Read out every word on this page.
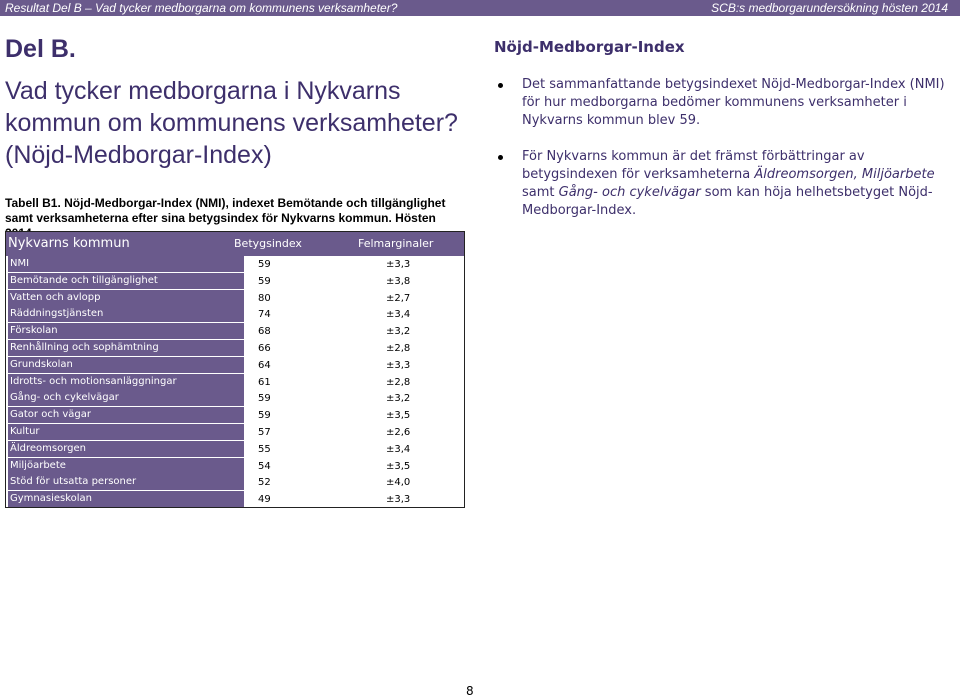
Resultat Del B – Vad tycker medborgarna om kommunens verksamheter?	SCB:s medborgarundersökning hösten 2014
Del B.
Vad tycker medborgarna i Nykvarns kommun om kommunens verksamheter? (Nöjd-Medborgar-Index)
Tabell B1. Nöjd-Medborgar-Index (NMI), indexet Bemötande och tillgänglighet samt verksamheterna efter sina betygsindex för Nykvarns kommun. Hösten
Nykvarns kommun	Betygsindex	Felmarginaler
NMI	59	±3,3
Bemötande och tillgänglighet	59	±3,8
Vatten och avlopp	80	±2,7
Räddningstjänsten	74	±3,4
Förskolan	68	±3,2
Renhållning och sophämtning	66	±2,8
Grundskolan	64	±3,3
Idrotts- och motionsanläggningar	61	±2,8
Gång- och cykelvägar	59	±3,2
Gator och vägar	59	±3,5
Kultur	57	±2,6
Äldreomsorgen	55	±3,4
Miljöarbete	54	±3,5
Stöd för utsatta personer	52	±4,0
Gymnasieskolan	49	±3,3
Nöjd-Medborgar-Index
Det sammanfattande betygsindexet Nöjd-Medborgar-Index (NMI) för hur medborgarna bedömer kommunens verksamheter i Nykvarns kommun blev 59.
För Nykvarns kommun är det främst förbättringar av betygsindexen för verksamheterna Äldreomsorgen, Miljöarbete samt Gång- och cykelvägar som kan höja helhetsbetyget Nöjd-Medborgar-Index.
8
